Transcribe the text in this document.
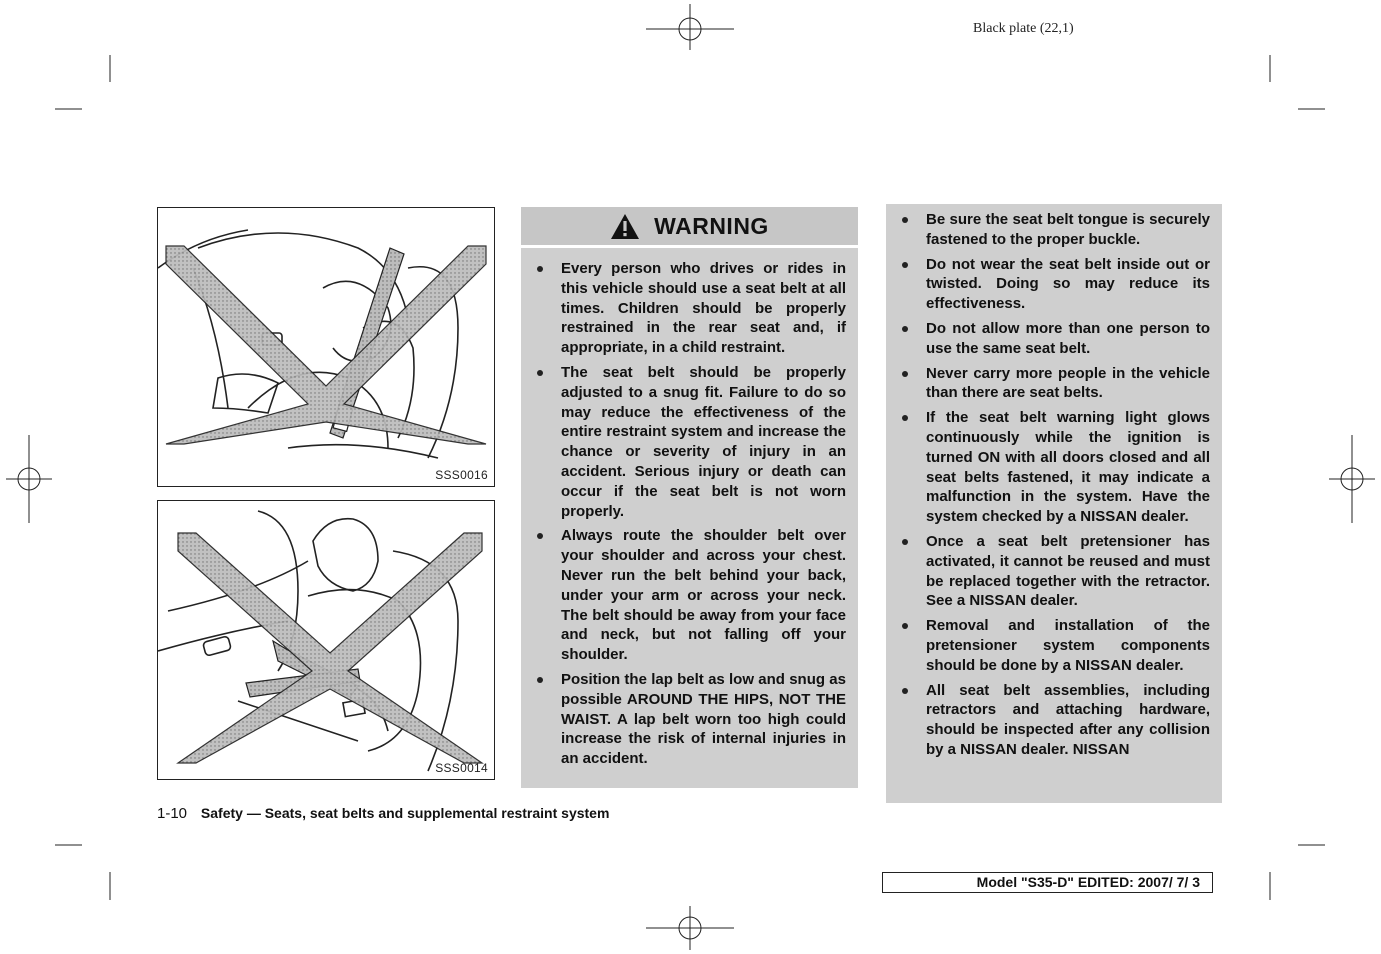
Black plate (22,1)
SSS0016
SSS0014
WARNING
Every person who drives or rides in this vehicle should use a seat belt at all times. Children should be properly restrained in the rear seat and, if appropriate, in a child restraint.
The seat belt should be properly adjusted to a snug fit. Failure to do so may reduce the effectiveness of the entire restraint system and increase the chance or severity of injury in an accident. Serious injury or death can occur if the seat belt is not worn properly.
Always route the shoulder belt over your shoulder and across your chest. Never run the belt behind your back, under your arm or across your neck. The belt should be away from your face and neck, but not falling off your shoulder.
Position the lap belt as low and snug as possible AROUND THE HIPS, NOT THE WAIST. A lap belt worn too high could increase the risk of internal injuries in an accident.
Be sure the seat belt tongue is securely fastened to the proper buckle.
Do not wear the seat belt inside out or twisted. Doing so may reduce its effectiveness.
Do not allow more than one person to use the same seat belt.
Never carry more people in the vehicle than there are seat belts.
If the seat belt warning light glows continuously while the ignition is turned ON with all doors closed and all seat belts fastened, it may indicate a malfunction in the system. Have the system checked by a NISSAN dealer.
Once a seat belt pretensioner has activated, it cannot be reused and must be replaced together with the retractor. See a NISSAN dealer.
Removal and installation of the pretensioner system components should be done by a NISSAN dealer.
All seat belt assemblies, including retractors and attaching hardware, should be inspected after any collision by a NISSAN dealer. NISSAN
1-10 Safety — Seats, seat belts and supplemental restraint system
Model "S35-D" EDITED: 2007/ 7/ 3
